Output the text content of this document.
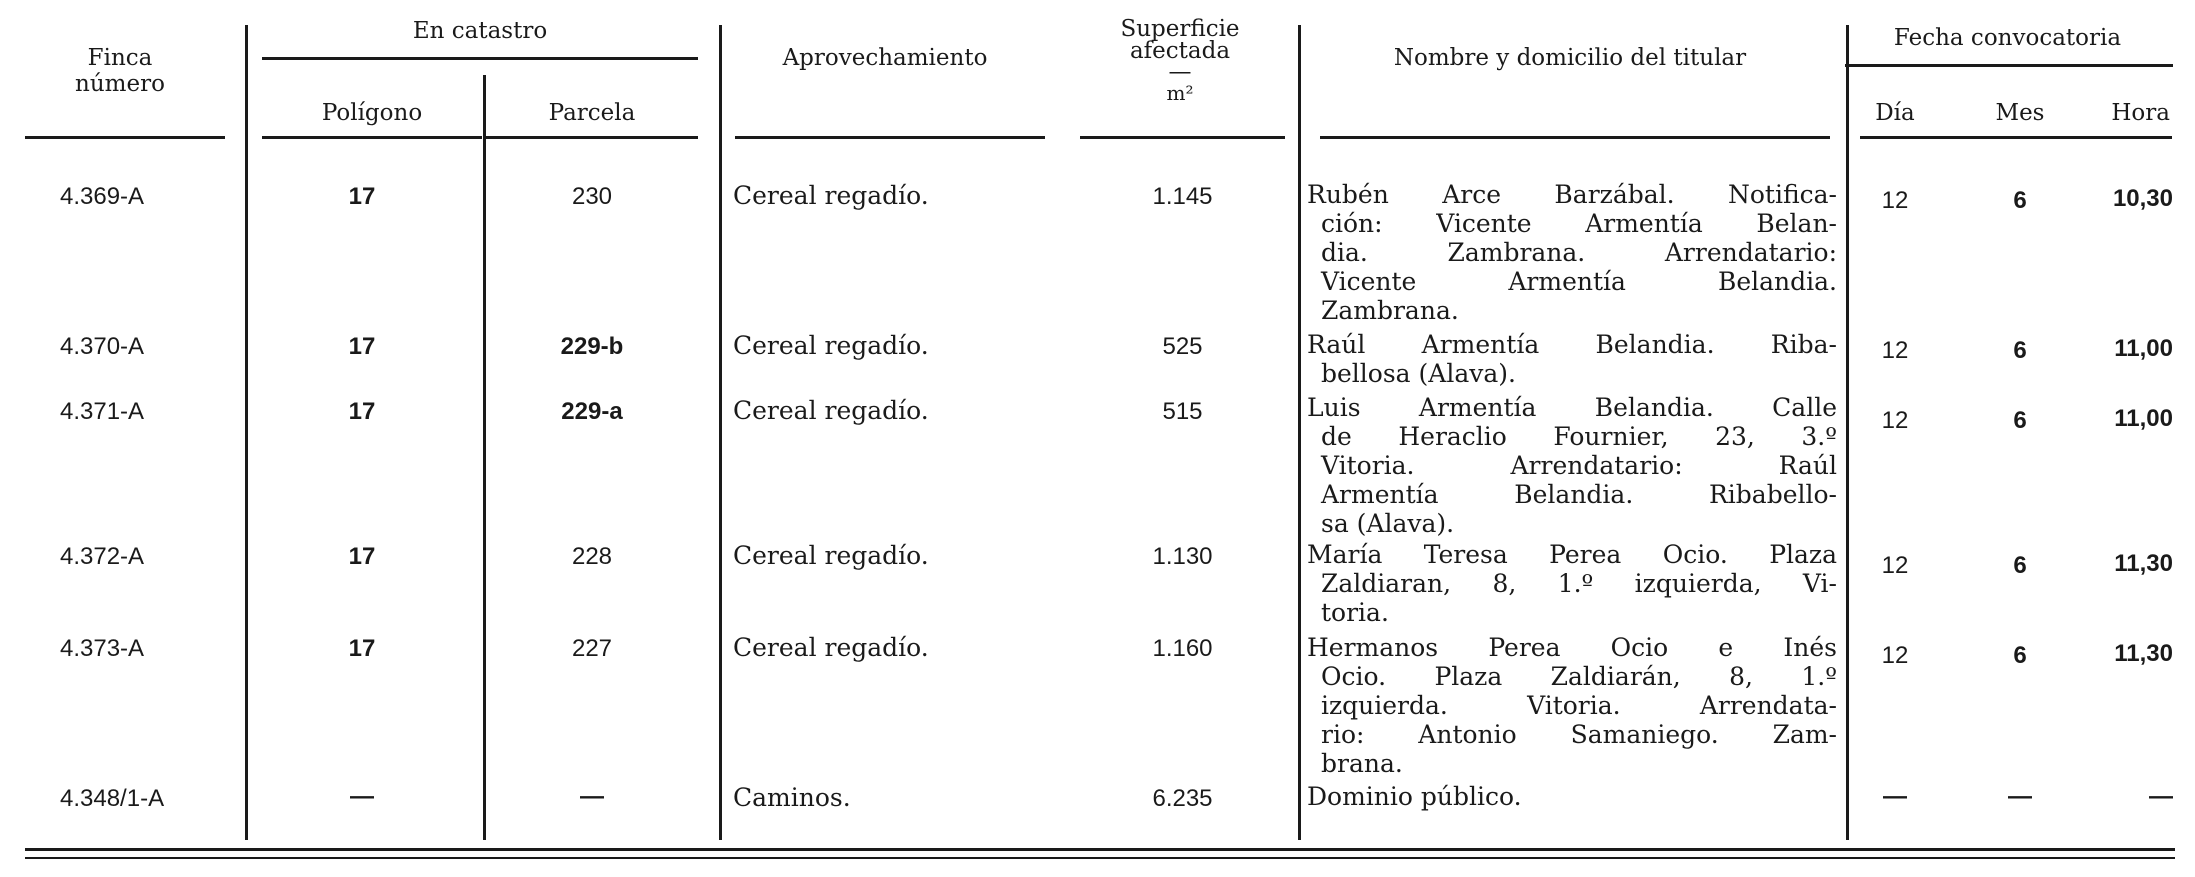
Finca
número
En catastro
Polígono	Parcela
Aprovechamiento
Superficie
afectada
—
m²
Nombre y domicilio del titular
Fecha convocatoria
Día	Mes	Hora
4.369-A	17	230	Cereal regadío.	1.145	Rubén Arce Barzábal. Notifica-
ción: Vicente Armentía Belan-
dia. Zambrana. Arrendatario:
Vicente Armentía Belandia.
Zambrana.
12	6	10,30
4.370-A	17	229-b	Cereal regadío.	525	Raúl Armentía Belandia. Riba-
bellosa (Alava).
12	6	11,00
4.371-A	17	229-a	Cereal regadío.	515	Luis Armentía Belandia. Calle
de Heraclio Fournier, 23, 3.º
Vitoria. Arrendatario: Raúl
Armentía Belandia. Ribabello-
sa (Alava).
12	6	11,00
4.372-A	17	228	Cereal regadío.	1.130	María Teresa Perea Ocio. Plaza
Zaldiaran, 8, 1.º izquierda, Vi-
toria.
12	6	11,30
4.373-A	17	227	Cereal regadío.	1.160	Hermanos Perea Ocio e Inés
Ocio. Plaza Zaldiarán, 8, 1.º
izquierda. Vitoria. Arrendata-
rio: Antonio Samaniego. Zam-
brana.
12	6	11,30
4.348/1-A	—	—	Caminos.	6.235	Dominio público.	—	—	—
